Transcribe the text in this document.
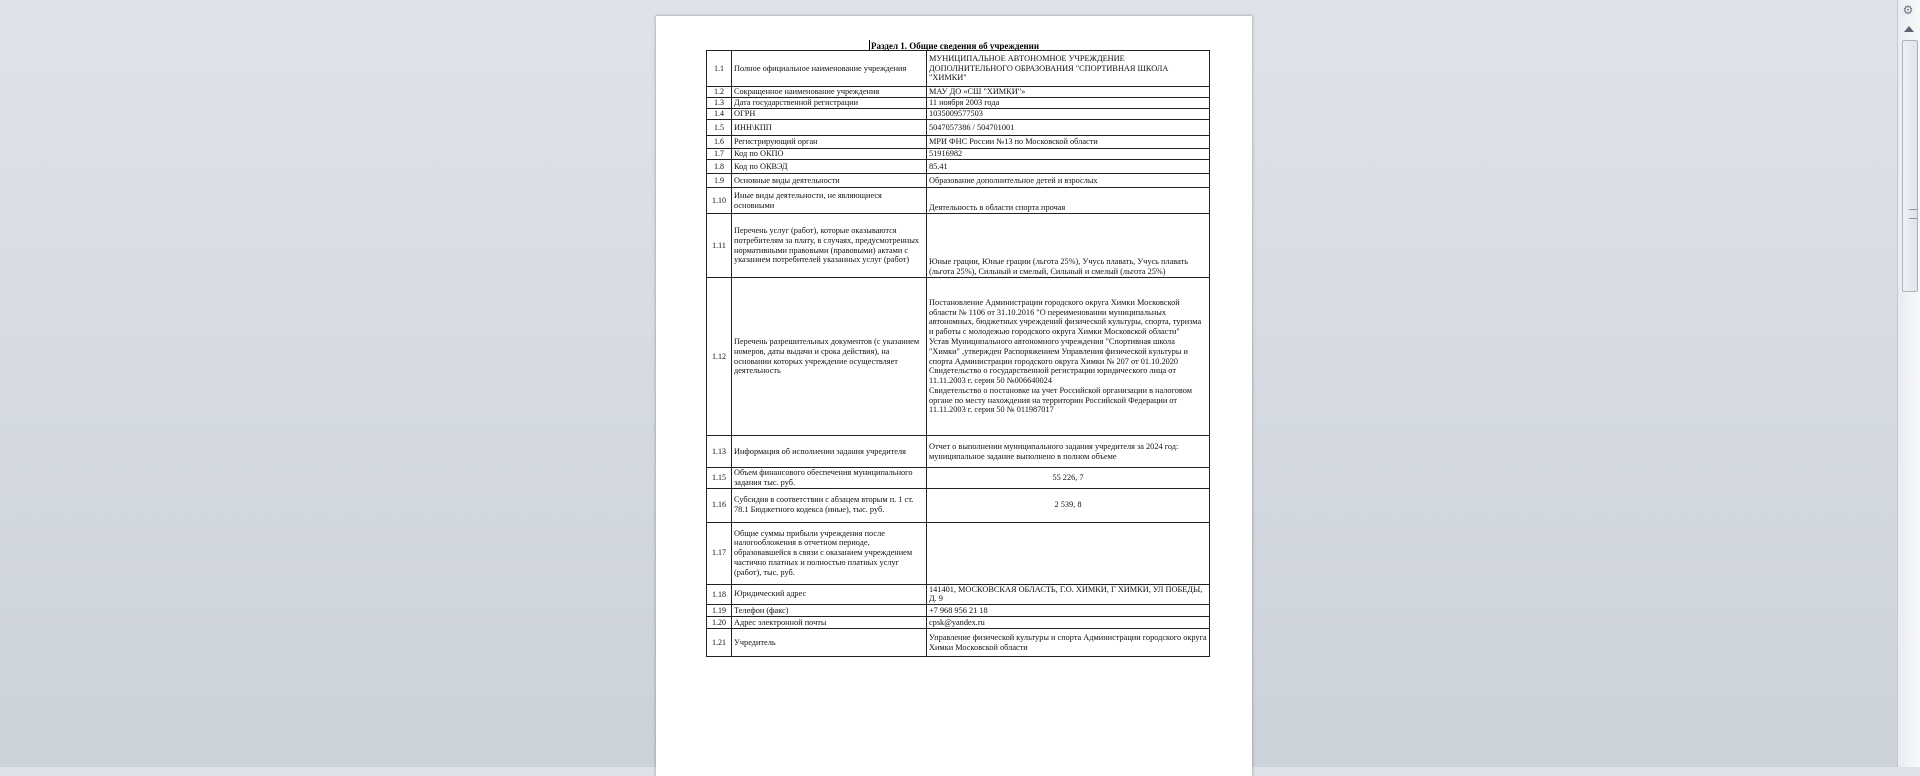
Раздел 1. Общие сведения об учреждении
1.1	Полное официальное наименование учреждения	МУНИЦИПАЛЬНОЕ АВТОНОМНОЕ УЧРЕЖДЕНИЕ ДОПОЛНИТЕЛЬНОГО ОБРАЗОВАНИЯ "СПОРТИВНАЯ ШКОЛА "ХИМКИ"

1.2	Сокращенное наименование учреждения	МАУ ДО «СШ "ХИМКИ"»

1.3	Дата государственной регистрации	11 ноября 2003 года

1.4	ОГРН	1035009577503

1.5	ИНН\КПП	5047057386 / 504701001

1.6	Регистрирующий орган	МРИ ФНС России №13 по Московской области

1.7	Код по ОКПО	51916982

1.8	Код по ОКВЭД	85.41

1.9	Основные виды деятельности	Образование дополнительное детей и взрослых

1.10	Иные виды деятельности, не являющиеся основными	Деятельность в области спорта прочая

1.11	Перечень услуг (работ), которые оказываются потребителям за плату, в случаях, предусмотренных нормативными правовыми (правовыми) актами с указанием потребителей указанных услуг (работ)	Юные грации, Юные грации (льгота 25%), Учусь плавать, Учусь плавать (льгота 25%), Сильный и смелый, Сильный и смелый (льгота 25%)

1.12	Перечень разрешительных документов (с указанием номеров, даты выдачи и срока действия), на основании которых учреждение осуществляет деятельность	Постановление Администрации городского округа Химки Московской области № 1106 от 31.10.2016 "О переименовании муниципальных автономных, бюджетных учреждений физической культуры, спорта, туризма и работы с молодежью городского округа Химки Московской области"
Устав Муниципального автономного учреждения "Спортивная школа "Химки" ,утвержден Распоряжением Управления физической культуры и спорта Администрации городского округа Химки № 207 от 01.10.2020
Свидетельство о государственной регистрации юридического лица от 11.11.2003 г. серия 50 №006640024
Свидетельство о постановке на учет Российской организации в налоговом органе по месту нахождения на территории Российской Федерации от 11.11.2003 г. серия 50 № 011987017

1.13	Информация об исполнении задания учредителя	Отчет о выполнении муниципального задания учредителя за 2024 год: муниципальное задание выполнено в полном объеме

1.15	Объем финансового обеспечения муниципального задания тыс. руб.	55 226, 7

1.16	Субсидия в соответствии с абзацем вторым п. 1 ст. 78.1 Бюджетного кодекса (иные), тыс. руб.	2 539, 8

1.17	Общие суммы прибыли учреждения после налогообложения в отчетном периоде, образовавшейся в связи с оказанием учреждением частично платных и полностью платных услуг (работ), тыс. руб.	

1.18	Юридический адрес	141401, МОСКОВСКАЯ ОБЛАСТЬ, Г.О. ХИМКИ, Г ХИМКИ, УЛ ПОБЕДЫ, Д. 9

1.19	Телефон (факс)	+7 968 956 21 18

1.20	Адрес электронной почты	cpsk@yandex.ru

1.21	Учредитель	Управление физической культуры и спорта Администрации городского округа Химки Московской области
⚙
